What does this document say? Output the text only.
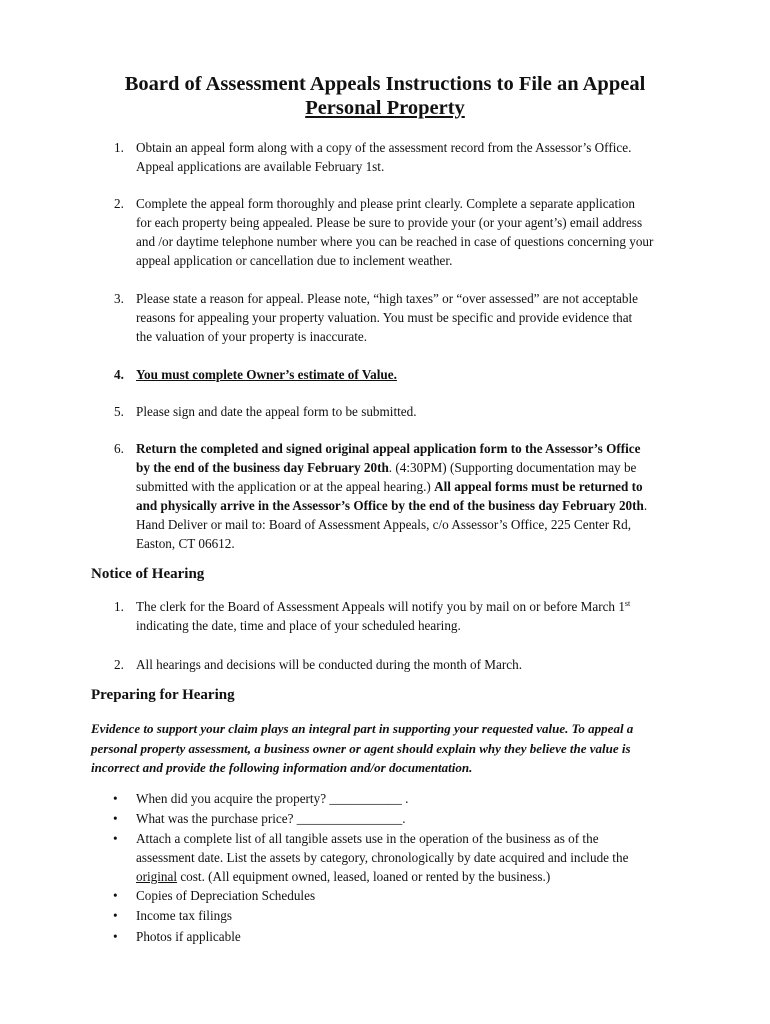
Board of Assessment Appeals Instructions to File an Appeal
Personal Property
1. Obtain an appeal form along with a copy of the assessment record from the Assessor’s Office.
Appeal applications are available February 1st.
2. Complete the appeal form thoroughly and please print clearly. Complete a separate application
for each property being appealed. Please be sure to provide your (or your agent’s) email address
and /or daytime telephone number where you can be reached in case of questions concerning your
appeal application or cancellation due to inclement weather.
3. Please state a reason for appeal. Please note, “high taxes” or “over assessed” are not acceptable
reasons for appealing your property valuation. You must be specific and provide evidence that
the valuation of your property is inaccurate.
4. You must complete Owner’s estimate of Value.
5. Please sign and date the appeal form to be submitted.
6. Return the completed and signed original appeal application form to the Assessor’s Office
by the end of the business day February 20th. (4:30PM) (Supporting documentation may be
submitted with the application or at the appeal hearing.) All appeal forms must be returned to
and physically arrive in the Assessor’s Office by the end of the business day February 20th.
Hand Deliver or mail to: Board of Assessment Appeals, c/o Assessor’s Office, 225 Center Rd,
Easton, CT 06612.
Notice of Hearing
1. The clerk for the Board of Assessment Appeals will notify you by mail on or before March 1st
indicating the date, time and place of your scheduled hearing.
2. All hearings and decisions will be conducted during the month of March.
Preparing for Hearing
Evidence to support your claim plays an integral part in supporting your requested value. To appeal a
personal property assessment, a business owner or agent should explain why they believe the value is
incorrect and provide the following information and/or documentation.
• When did you acquire the property? ___________ .
• What was the purchase price? ________________.
• Attach a complete list of all tangible assets use in the operation of the business as of the
assessment date. List the assets by category, chronologically by date acquired and include the
original cost. (All equipment owned, leased, loaned or rented by the business.)
• Copies of Depreciation Schedules
• Income tax filings
• Photos if applicable
